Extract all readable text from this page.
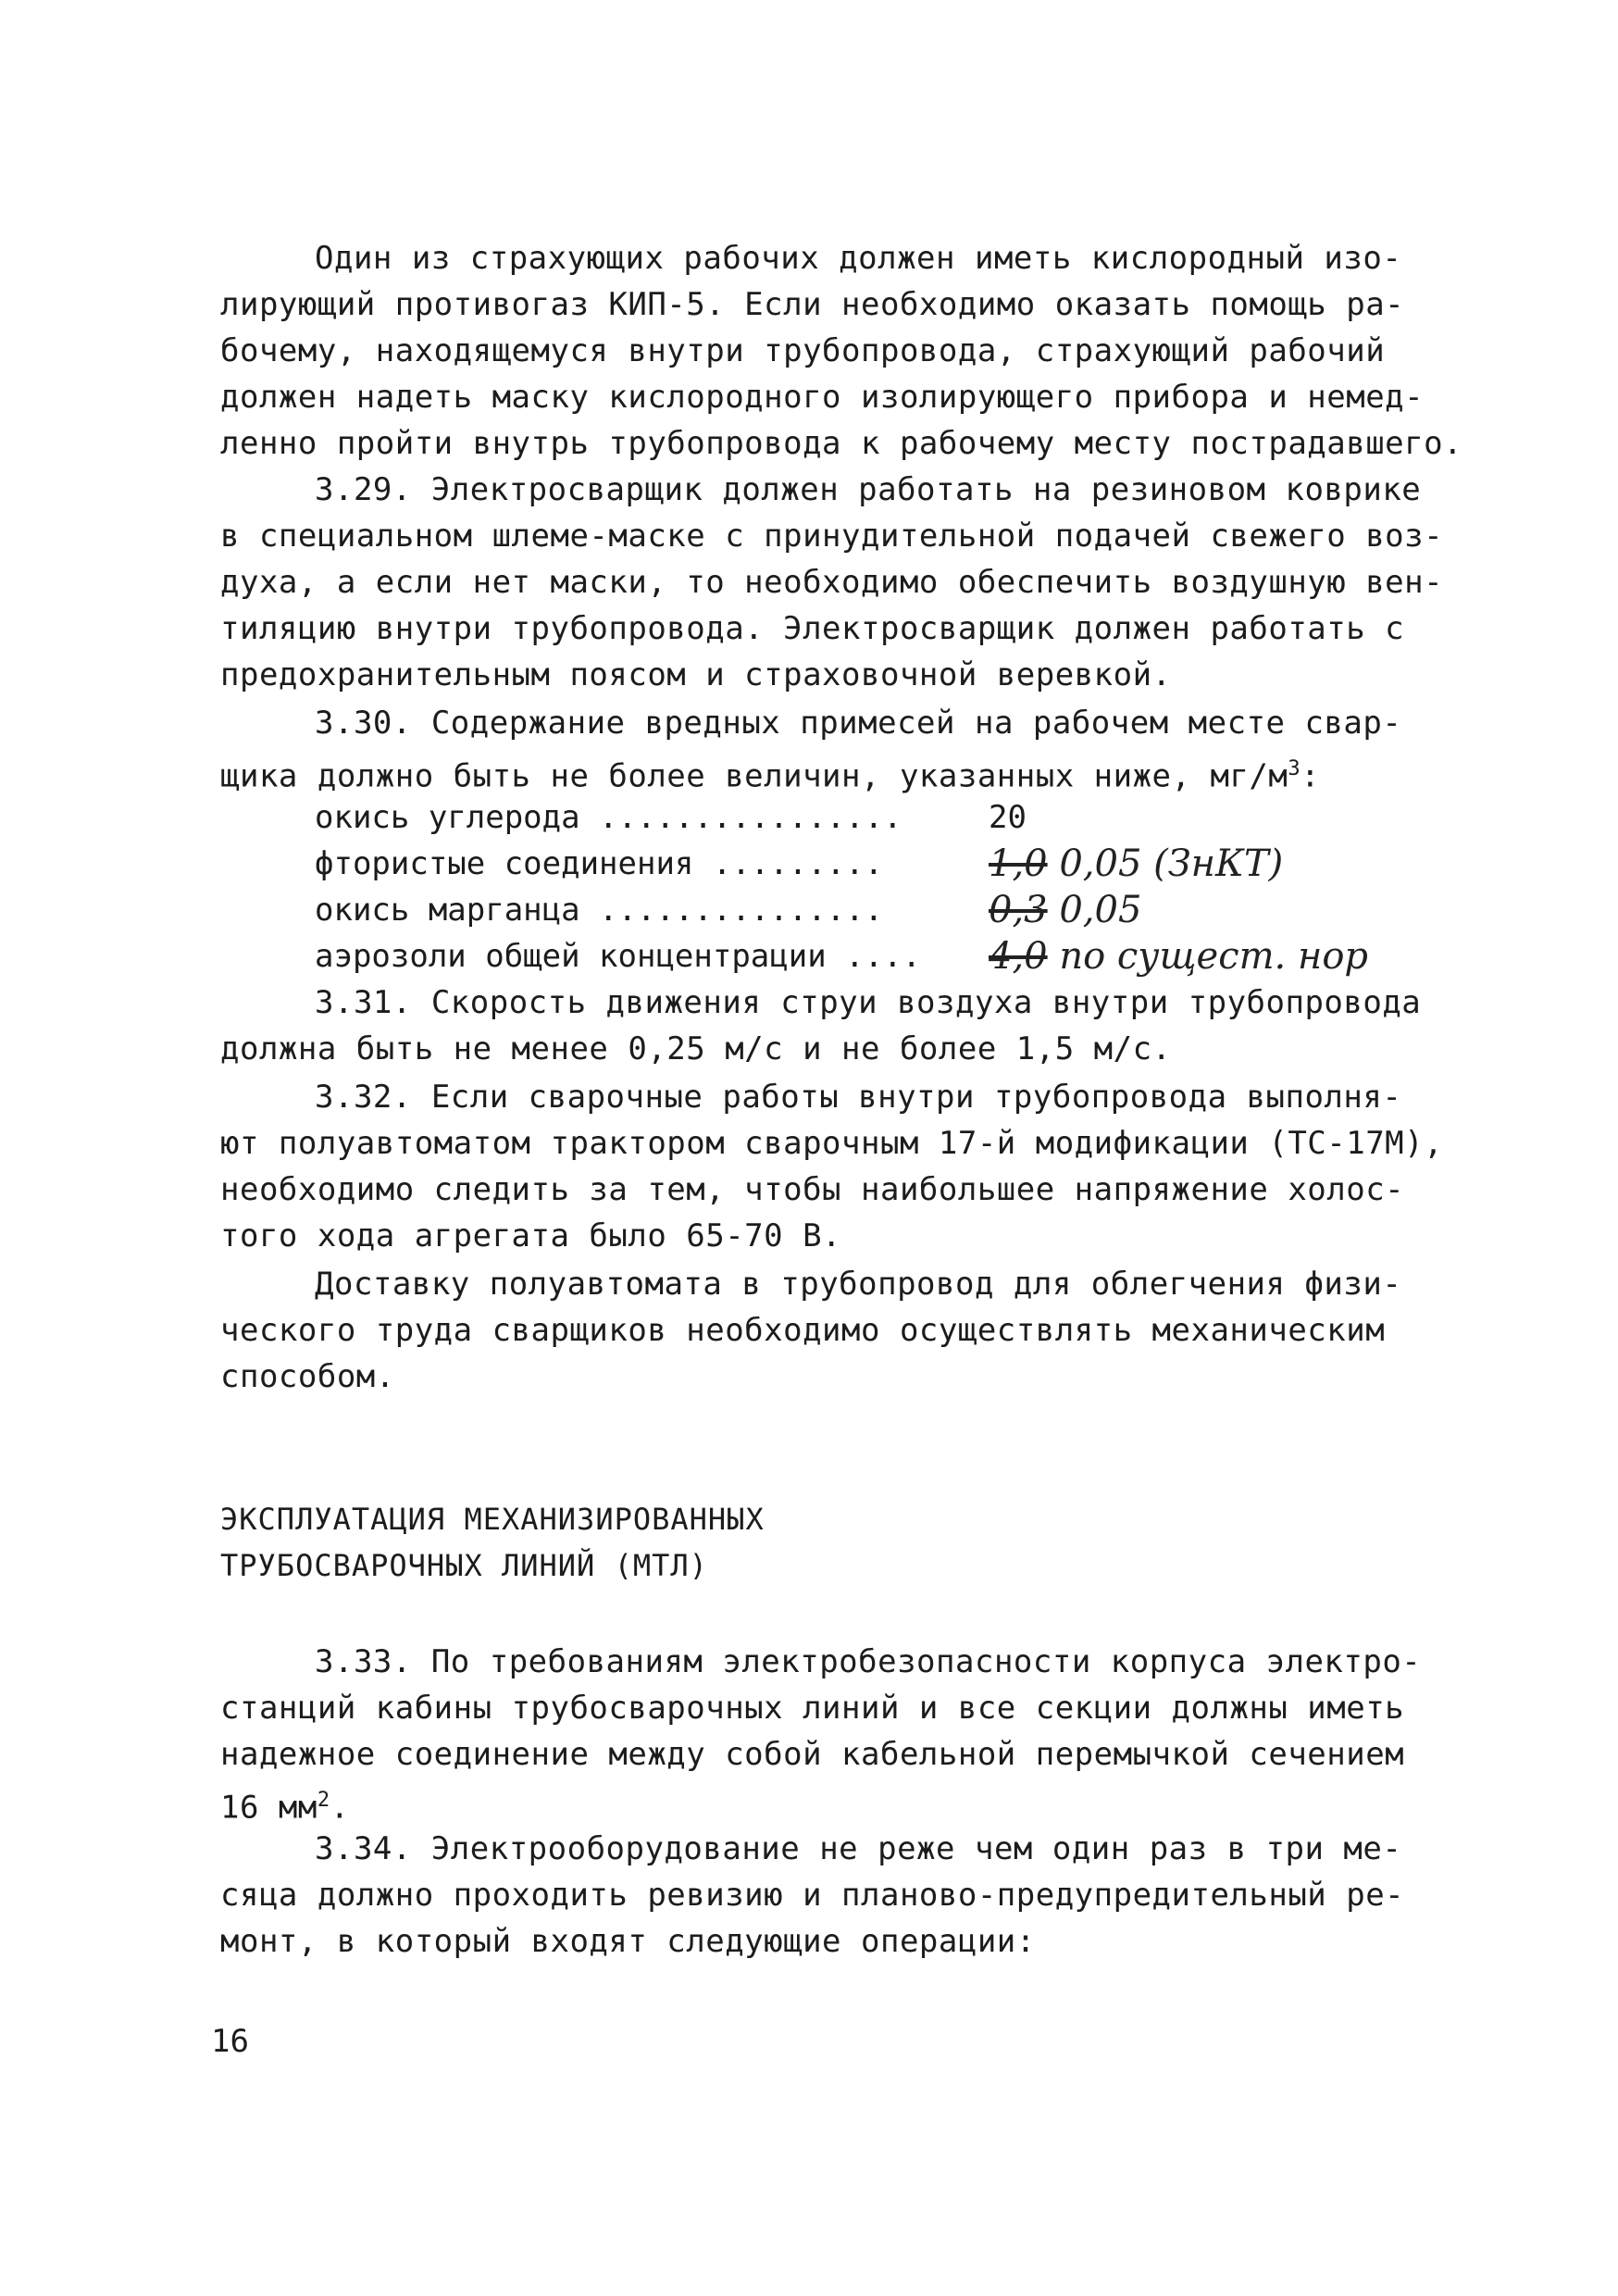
Один из страхующих рабочих должен иметь кислородный изо-
лирующий противогаз КИП-5. Если необходимо оказать помощь ра-
бочему, находящемуся внутри трубопровода, страхующий рабочий
должен надеть маску кислородного изолирующего прибора и немед-
ленно пройти внутрь трубопровода к рабочему месту пострадавшего.
3.29. Электросварщик должен работать на резиновом коврике
в специальном шлеме-маске с принудительной подачей свежего воз-
духа, а если нет маски, то необходимо обеспечить воздушную вен-
тиляцию внутри трубопровода. Электросварщик должен работать с
предохранительным поясом и страховочной веревкой.
3.30. Содержание вредных примесей на рабочем месте свар-
щика должно быть не более величин, указанных ниже, $мг/м^3$:
окись углерода ................	20
фтористые соединения .........	1,0 0,05 (ЗнКТ)
окись марганца ...............	0,3 0,05
аэрозоли общей концентрации .... 4,0 по сущест. нор
3.31. Скорость движения струи воздуха внутри трубопровода
должна быть не менее 0,25 м/с и не более 1,5 м/с.
3.32. Если сварочные работы внутри трубопровода выполня-
ют полуавтоматом трактором сварочным 17-й модификации (ТС-17М),
необходимо следить за тем, чтобы наибольшее напряжение холос-
того хода агрегата было 65-70 В.
Доставку полуавтомата в трубопровод для облегчения физи-
ческого труда сварщиков необходимо осуществлять механическим
способом.
ЭКСПЛУАТАЦИЯ МЕХАНИЗИРОВАННЫХ
ТРУБОСВАРОЧНЫХ ЛИНИЙ (МТЛ)
3.33. По требованиям электробезопасности корпуса электро-
станций кабины трубосварочных линий и все секции должны иметь
надежное соединение между собой кабельной перемычкой сечением
16 $мм^2$.
3.34. Электрооборудование не реже чем один раз в три ме-
сяца должно проходить ревизию и планово-предупредительный ре-
монт, в который входят следующие операции:
16
